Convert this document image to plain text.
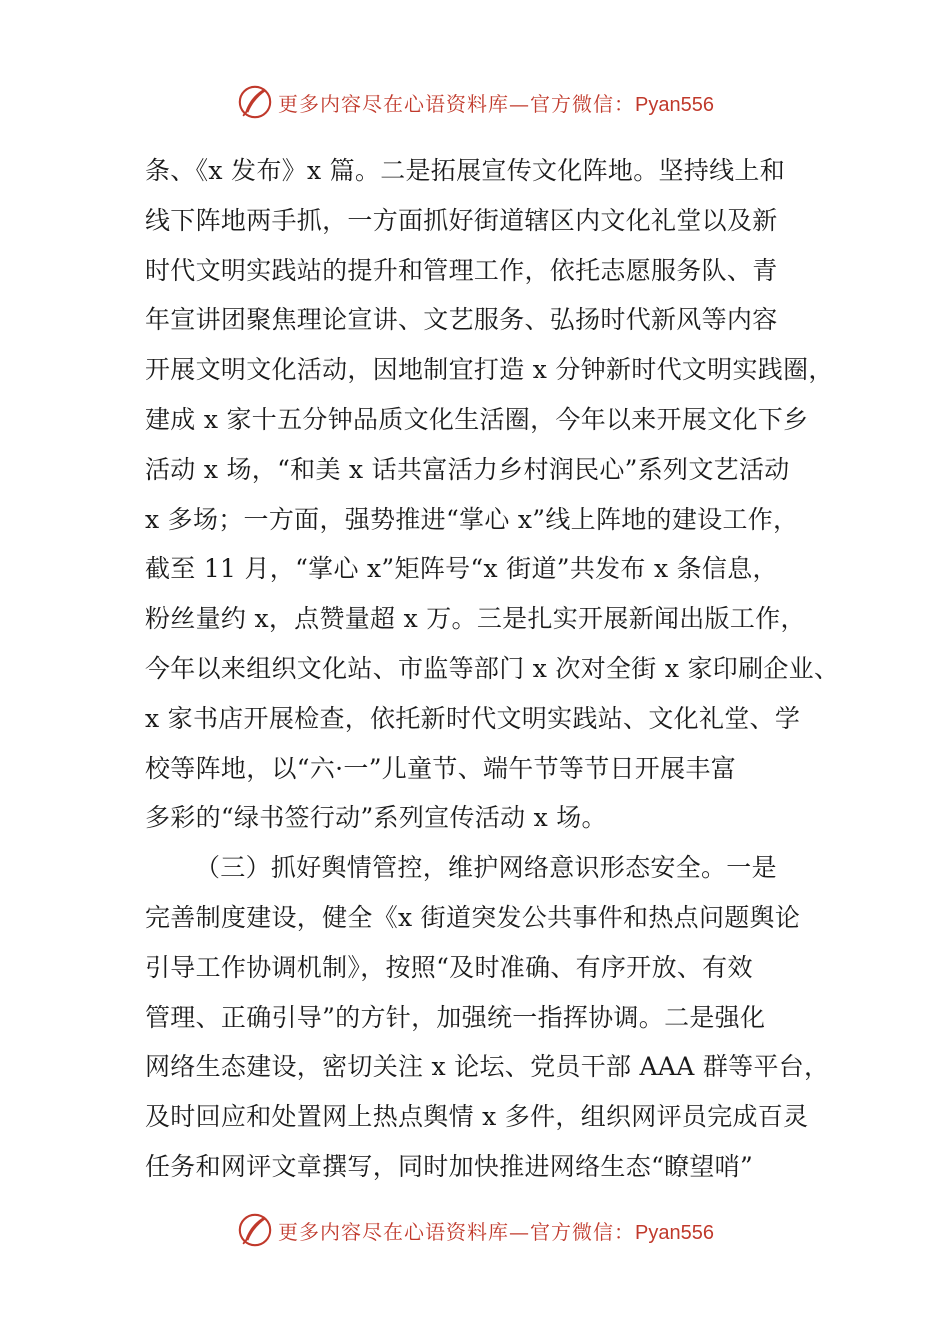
更多内容尽在心语资料库—官方微信：Pyan556
条、《x 发布》x 篇。二是拓展宣传文化阵地。坚持线上和
线下阵地两手抓，一方面抓好街道辖区内文化礼堂以及新
时代文明实践站的提升和管理工作，依托志愿服务队、青
年宣讲团聚焦理论宣讲、文艺服务、弘扬时代新风等内容
开展文明文化活动，因地制宜打造 x 分钟新时代文明实践圈，
建成 x 家十五分钟品质文化生活圈，今年以来开展文化下乡
活动 x 场，“和美 x 话共富活力乡村润民心”系列文艺活动
x 多场；一方面，强势推进“掌心 x”线上阵地的建设工作，
截至 11 月，“掌心 x”矩阵号“x 街道”共发布 x 条信息，
粉丝量约 x，点赞量超 x 万。三是扎实开展新闻出版工作，
今年以来组织文化站、市监等部门 x 次对全街 x 家印刷企业、
x 家书店开展检查，依托新时代文明实践站、文化礼堂、学
校等阵地，以“六·一”儿童节、端午节等节日开展丰富
多彩的“绿书签行动”系列宣传活动 x 场。
（三）抓好舆情管控，维护网络意识形态安全。一是
完善制度建设，健全《x 街道突发公共事件和热点问题舆论
引导工作协调机制》，按照“及时准确、有序开放、有效
管理、正确引导”的方针，加强统一指挥协调。二是强化
网络生态建设，密切关注 x 论坛、党员干部 AAA 群等平台，
及时回应和处置网上热点舆情 x 多件，组织网评员完成百灵
任务和网评文章撰写，同时加快推进网络生态“瞭望哨”
更多内容尽在心语资料库—官方微信：Pyan556
